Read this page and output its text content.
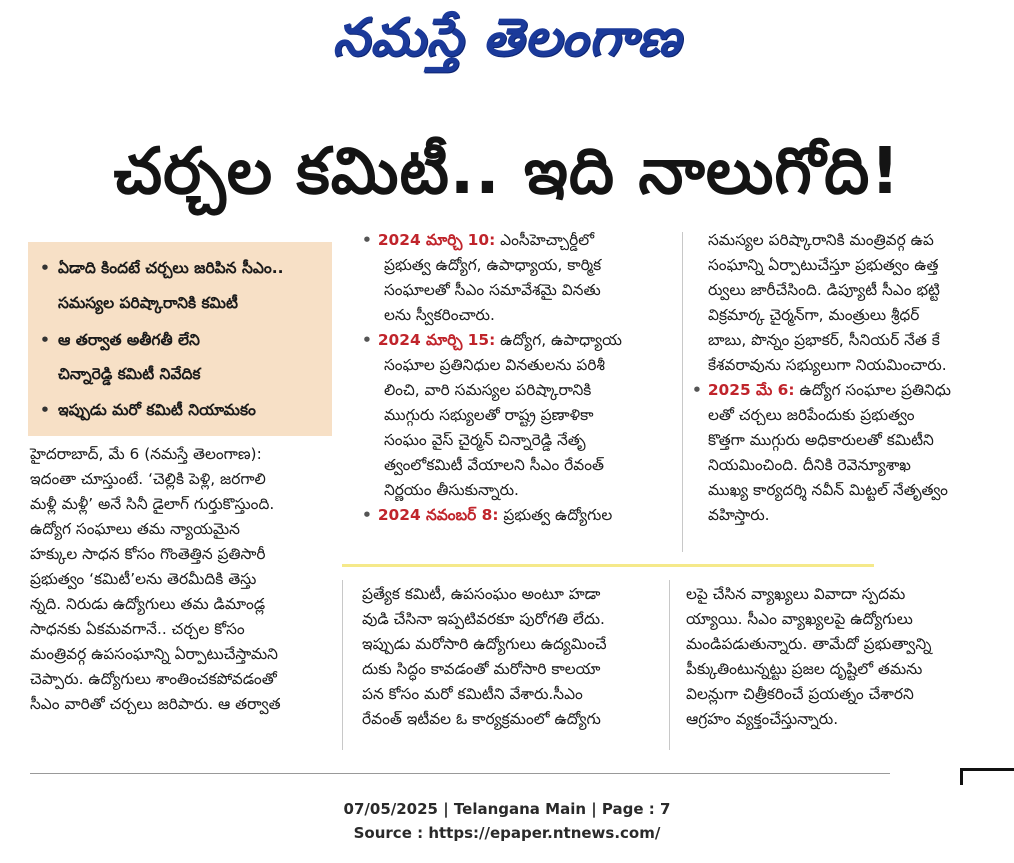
నమస్తే తెలంగాణ
చర్చల కమిటీ.. ఇది నాలుగోది!
• ఏడాది కిందటే చర్చలు జరిపిన సీఎం..
సమస్యల పరిష్కారానికి కమిటీ
• ఆ తర్వాత అతీగతీ లేని
చిన్నారెడ్డి కమిటీ నివేదిక
• ఇప్పుడు మరో కమిటీ నియామకం

హైదరాబాద్, మే 6 (నమస్తే తెలంగాణ):

ఇదంతా చూస్తుంటే. ‘చెల్లికి పెళ్లి, జరగాలి

మళ్లీ మళ్లీ’ అనే సినీ డైలాగ్ గుర్తుకొస్తుంది.

ఉద్యోగ సంఘాలు తమ న్యాయమైన

హక్కుల సాధన కోసం గొంతెత్తిన ప్రతిసారీ

ప్రభుత్వం ‘కమిటీ’లను తెరమీదికి తెస్తు

న్నది. నిరుడు ఉద్యోగులు తమ డిమాండ్ల

సాధనకు ఏకమవగానే.. చర్చల కోసం

మంత్రివర్గ ఉపసంఘాన్ని ఏర్పాటుచేస్తామని

చెప్పారు. ఉద్యోగులు శాంతించకపోవడంతో

సీఎం వారితో చర్చలు జరిపారు. ఆ తర్వాత

• 2024 మార్చి 10: ఎంసీహెచ్చార్డీలో

ప్రభుత్వ ఉద్యోగ, ఉపాధ్యాయ, కార్మిక

సంఘాలతో సీఎం సమావేశమై వినతు

లను స్వీకరించారు.

• 2024 మార్చి 15: ఉద్యోగ, ఉపాధ్యాయ

సంఘాల ప్రతినిధుల వినతులను పరిశీ

లించి, వారి సమస్యల పరిష్కారానికి

ముగ్గురు సభ్యులతో రాష్ట్ర ప్రణాళికా

సంఘం వైస్ చైర్మన్ చిన్నారెడ్డి నేతృ

త్వంలోకమిటీ వేయాలని సీఎం రేవంత్

నిర్ణయం తీసుకున్నారు.

• 2024 నవంబర్ 8: ప్రభుత్వ ఉద్యోగుల

సమస్యల పరిష్కారానికి మంత్రివర్గ ఉప

సంఘాన్ని ఏర్పాటుచేస్తూ ప్రభుత్వం ఉత్త

ర్వులు జారీచేసింది. డిప్యూటీ సీఎం భట్టి

విక్రమార్క చైర్మన్‌గా, మంత్రులు శ్రీధర్

బాబు, పొన్నం ప్రభాకర్, సీనియర్ నేత కే

కేశవరావును సభ్యులుగా నియమించారు.

• 2025 మే 6: ఉద్యోగ సంఘాల ప్రతినిధు

లతో చర్చలు జరిపేందుకు ప్రభుత్వం

కొత్తగా ముగ్గురు అధికారులతో కమిటీని

నియమించింది. దీనికి రెవెన్యూశాఖ

ముఖ్య కార్యదర్శి నవీన్ మిట్టల్ నేతృత్వం

వహిస్తారు.

ప్రత్యేక కమిటీ, ఉపసంఘం అంటూ హడా

వుడి చేసినా ఇప్పటివరకూ పురోగతి లేదు.

ఇప్పుడు మరోసారి ఉద్యోగులు ఉద్యమించే

దుకు సిద్ధం కావడంతో మరోసారి కాలయా

పన కోసం మరో కమిటీని వేశారు.సీఎం

రేవంత్ ఇటీవల ఓ కార్యక్రమంలో ఉద్యోగు

లపై చేసిన వ్యాఖ్యలు వివాదా స్పదమ

య్యాయి. సీఎం వ్యాఖ్యలపై ఉద్యోగులు

మండిపడుతున్నారు. తామేదో ప్రభుత్వాన్ని

పీక్కుతింటున్నట్టు ప్రజల దృష్టిలో తమను

విలన్లుగా చిత్రీకరించే ప్రయత్నం చేశారని

ఆగ్రహం వ్యక్తంచేస్తున్నారు.

07/05/2025 | Telangana Main | Page : 7
Source : https://epaper.ntnews.com/
